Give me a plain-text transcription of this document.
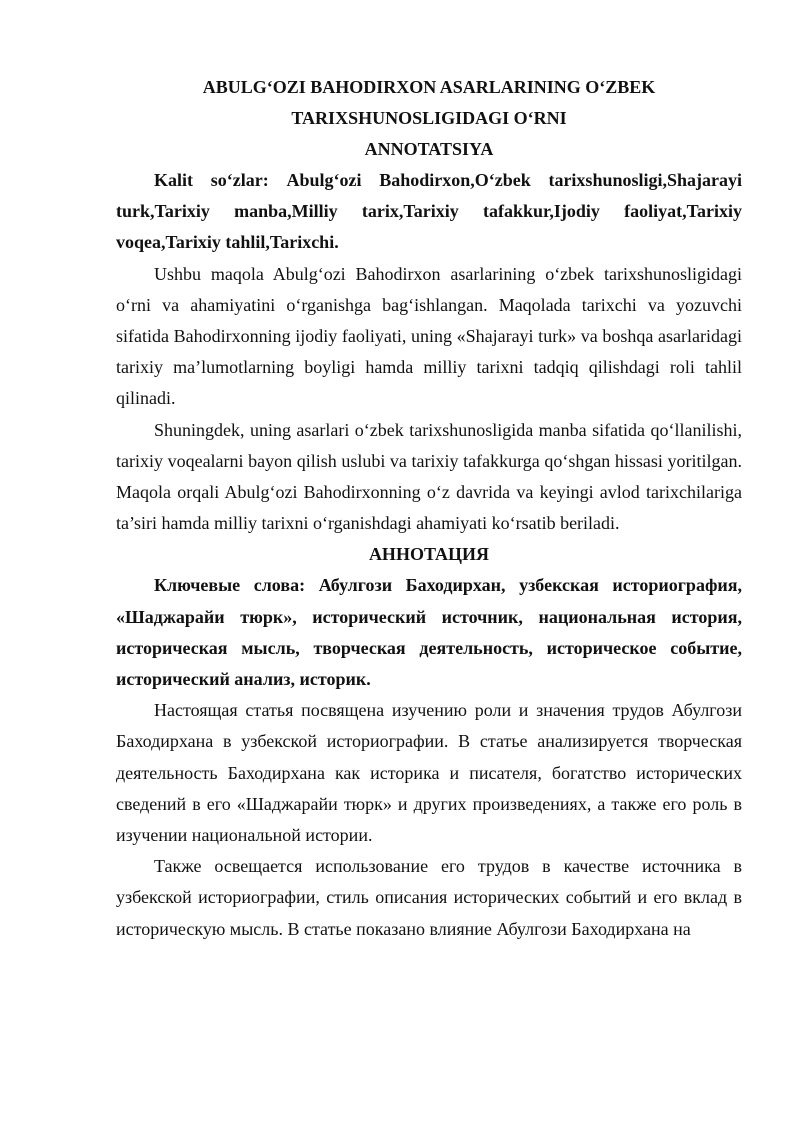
ABULG‘OZI BAHODIRXON ASARLARINING O‘ZBEK
TARIXSHUNOSLIGIDAGI O‘RNI
ANNOTATSIYA

Kalit so‘zlar: Abulg‘ozi Bahodirxon,O‘zbek tarixshunosligi,Shajarayi turk,Tarixiy manba,Milliy tarix,Tarixiy tafakkur,Ijodiy faoliyat,Tarixiy voqea,Tarixiy tahlil,Tarixchi.

Ushbu maqola Abulg‘ozi Bahodirxon asarlarining o‘zbek tarixshunosligidagi o‘rni va ahamiyatini o‘rganishga bag‘ishlangan. Maqolada tarixchi va yozuvchi sifatida Bahodirxonning ijodiy faoliyati, uning «Shajarayi turk» va boshqa asarlaridagi tarixiy ma’lumotlarning boyligi hamda milliy tarixni tadqiq qilishdagi roli tahlil qilinadi.

Shuningdek, uning asarlari o‘zbek tarixshunosligida manba sifatida qo‘llanilishi, tarixiy voqealarni bayon qilish uslubi va tarixiy tafakkurga qo‘shgan hissasi yoritilgan. Maqola orqali Abulg‘ozi Bahodirxonning o‘z davrida va keyingi avlod tarixchilariga ta’siri hamda milliy tarixni o‘rganishdagi ahamiyati ko‘rsatib beriladi.

АННОТАЦИЯ

Ключевые слова: Абулгози Баходирхан, узбекская историография, «Шаджарайи тюрк», исторический источник, национальная история, историческая мысль, творческая деятельность, историческое событие, исторический анализ, историк.

Настоящая статья посвящена изучению роли и значения трудов Абулгози Баходирхана в узбекской историографии. В статье анализируется творческая деятельность Баходирхана как историка и писателя, богатство исторических сведений в его «Шаджарайи тюрк» и других произведениях, а также его роль в изучении национальной истории.

Также освещается использование его трудов в качестве источника в узбекской историографии, стиль описания исторических событий и его вклад в историческую мысль. В статье показано влияние Абулгози Баходирхана на
